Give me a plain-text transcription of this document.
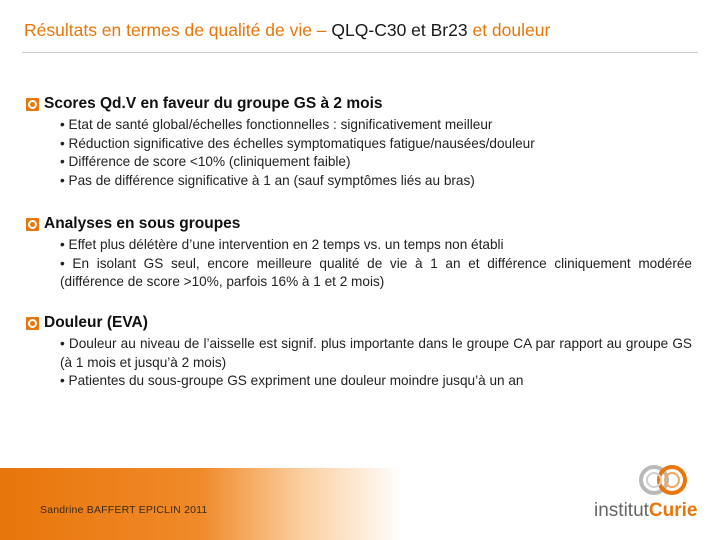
Résultats en termes de qualité de vie – QLQ-C30 et Br23 et douleur
Scores Qd.V en faveur du groupe GS à 2 mois
• Etat de santé global/échelles fonctionnelles : significativement meilleur
• Réduction significative des échelles symptomatiques fatigue/nausées/douleur
• Différence de score <10% (cliniquement faible)
• Pas de différence significative à 1 an (sauf symptômes liés au bras)
Analyses en sous groupes
• Effet plus délétère d’une intervention en 2 temps vs. un temps non établi
• En isolant GS seul, encore meilleure qualité de vie à 1 an et différence cliniquement modérée (différence de score >10%, parfois 16% à 1 et 2 mois)
Douleur (EVA)
• Douleur au niveau de l’aisselle est signif. plus importante dans le groupe CA par rapport au groupe GS (à 1 mois et jusqu’à 2 mois)
• Patientes du sous-groupe GS expriment une douleur moindre jusqu’à un an
Sandrine BAFFERT EPICLIN 2011	institutCurie
